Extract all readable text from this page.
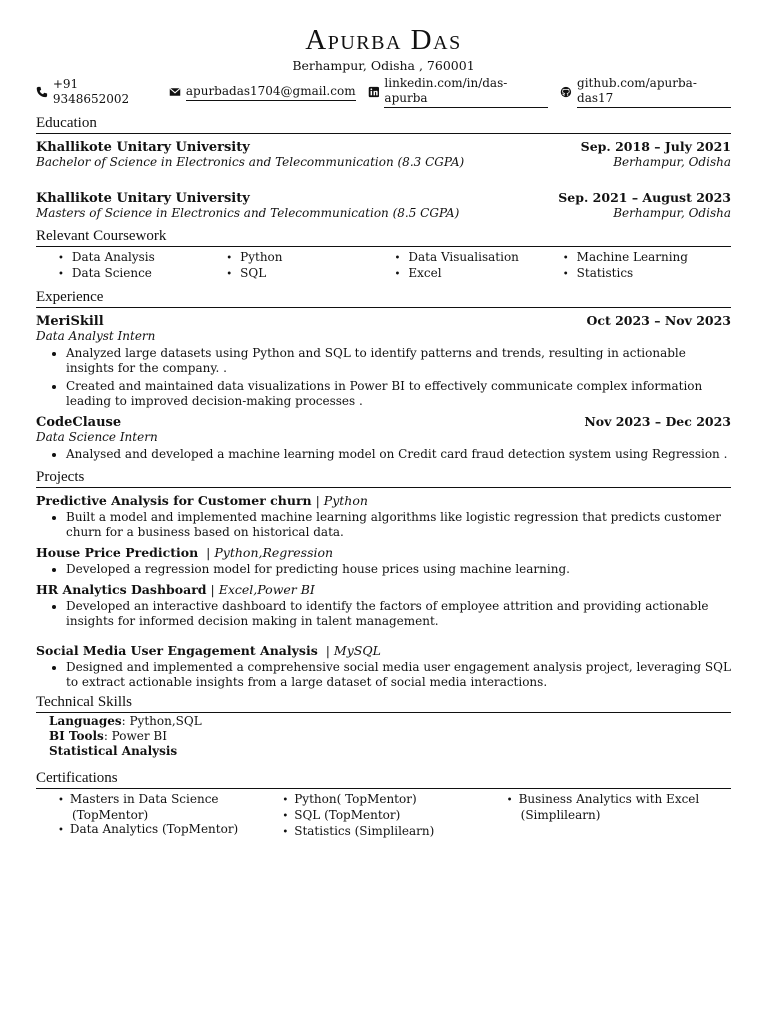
Apurba Das
Berhampur, Odisha , 760001
+91 9348652002
apurbadas1704@gmail.com
linkedin.com/in/das-apurba
github.com/apurba-das17
Education
Khallikote Unitary University	Sep. 2018 – July 2021
Bachelor of Science in Electronics and Telecommunication (8.3 CGPA)	Berhampur, Odisha
Khallikote Unitary University	Sep. 2021 – August 2023
Masters of Science in Electronics and Telecommunication (8.5 CGPA)	Berhampur, Odisha
Relevant Coursework
• Data Analysis	• Python	• Data Visualisation	• Machine Learning
• Data Science	• SQL	• Excel	• Statistics
Experience
MeriSkill	Oct 2023 – Nov 2023
Data Analyst Intern
• Analyzed large datasets using Python and SQL to identify patterns and trends, resulting in actionable insights for the company. .
• Created and maintained data visualizations in Power BI to effectively communicate complex information leading to improved decision-making processes .
CodeClause	Nov 2023 – Dec 2023
Data Science Intern
• Analysed and developed a machine learning model on Credit card fraud detection system using Regression .
Projects
Predictive Analysis for Customer churn | Python
• Built a model and implemented machine learning algorithms like logistic regression that predicts customer churn for a business based on historical data.
House Price Prediction  | Python,Regression
• Developed a regression model for predicting house prices using machine learning.
HR Analytics Dashboard | Excel,Power BI
• Developed an interactive dashboard to identify the factors of employee attrition and providing actionable insights for informed decision making in talent management.
Social Media User Engagement Analysis  | MySQL
• Designed and implemented a comprehensive social media user engagement analysis project, leveraging SQL to extract actionable insights from a large dataset of social media interactions.
Technical Skills
Languages: Python,SQL
BI Tools: Power BI
Statistical Analysis
Certifications
• Masters in Data Science (TopMentor)
• Data Analytics (TopMentor)
• Python( TopMentor)
• SQL (TopMentor)
• Statistics (Simplilearn)
• Business Analytics with Excel (Simplilearn)
